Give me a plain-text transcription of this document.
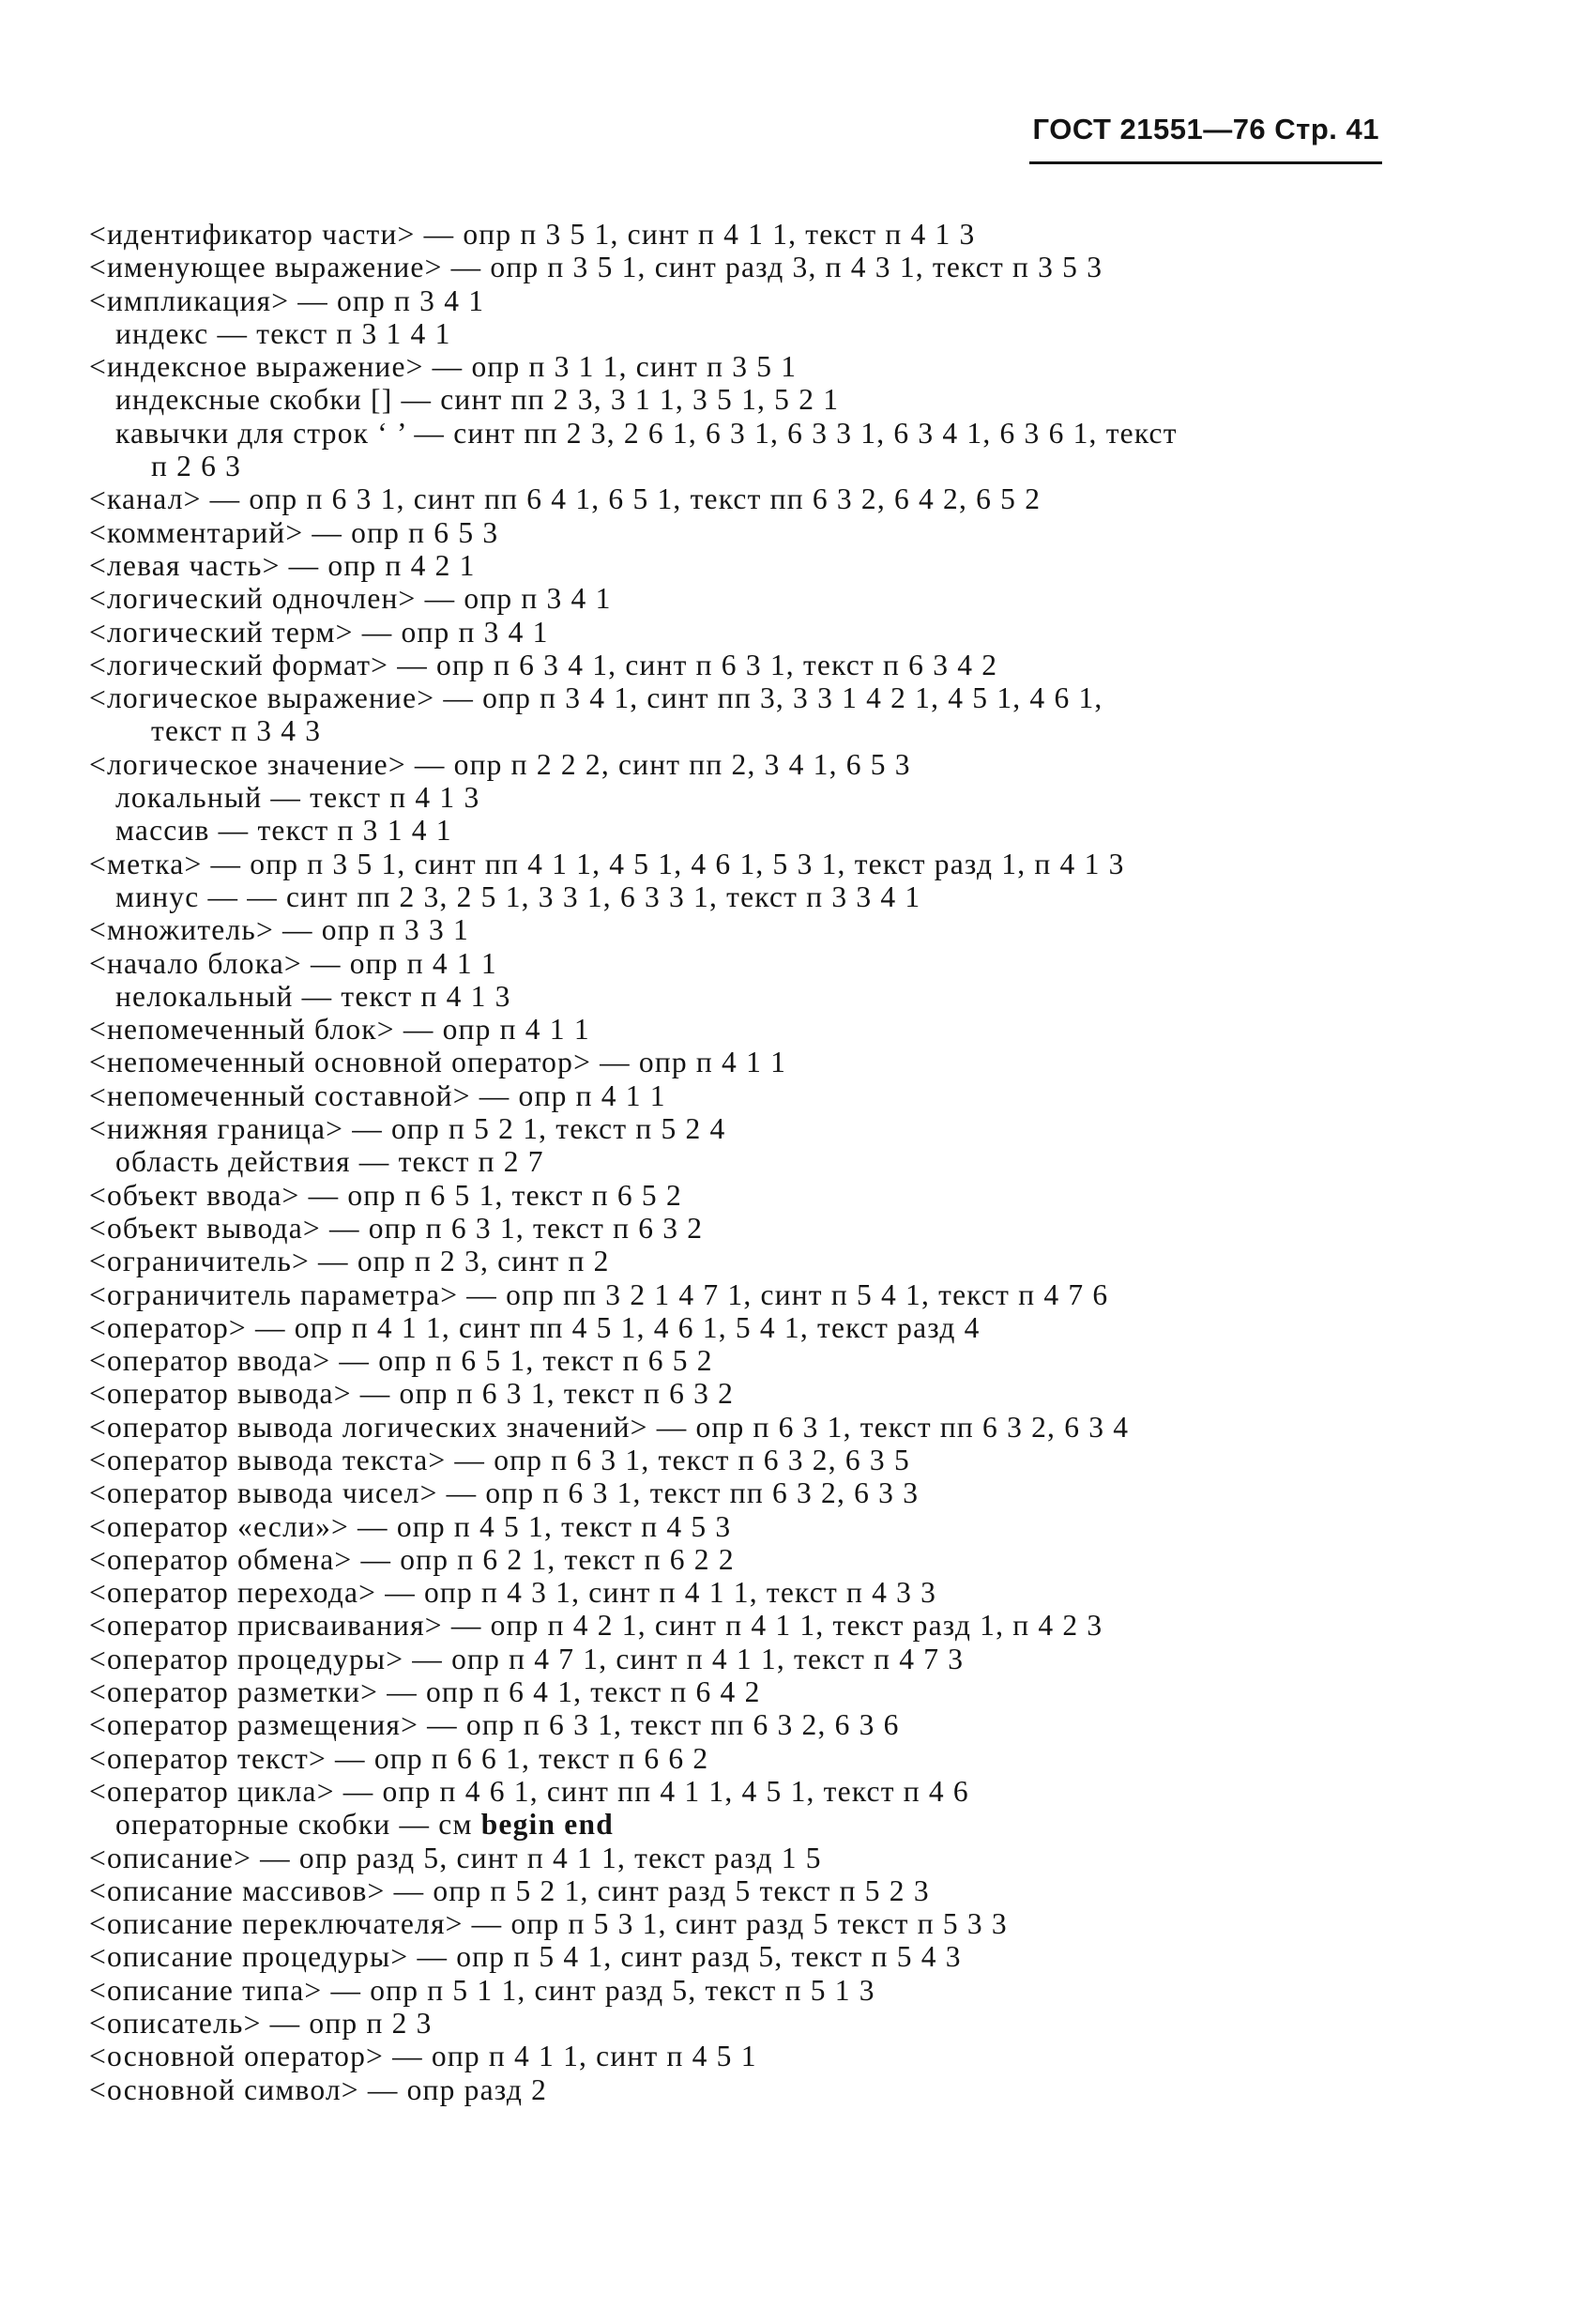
ГОСТ 21551—76 Стр. 41
<идентификатор части> — опр п 3 5 1, синт п 4 1 1, текст п 4 1 3
<именующее выражение> — опр п 3 5 1, синт разд 3, п 4 3 1, текст п 3 5 3
<импликация> — опр п 3 4 1
индекс — текст п 3 1 4 1
<индексное выражение> — опр п 3 1 1, синт п 3 5 1
индексные скобки [] — синт пп 2 3, 3 1 1, 3 5 1, 5 2 1
кавычки для строк ‘ ’ — синт пп 2 3, 2 6 1, 6 3 1, 6 3 3 1, 6 3 4 1, 6 3 6 1, текст
п 2 6 3
<канал> — опр п 6 3 1, синт пп 6 4 1, 6 5 1, текст пп 6 3 2, 6 4 2, 6 5 2
<комментарий> — опр п 6 5 3
<левая часть> — опр п 4 2 1
<логический одночлен> — опр п 3 4 1
<логический терм> — опр п 3 4 1
<логический формат> — опр п 6 3 4 1, синт п 6 3 1, текст п 6 3 4 2
<логическое выражение> — опр п 3 4 1, синт пп 3, 3 3 1 4 2 1, 4 5 1, 4 6 1,
текст п 3 4 3
<логическое значение> — опр п 2 2 2, синт пп 2, 3 4 1, 6 5 3
локальный — текст п 4 1 3
массив — текст п 3 1 4 1
<метка> — опр п 3 5 1, синт пп 4 1 1, 4 5 1, 4 6 1, 5 3 1, текст разд 1, п 4 1 3
минус — — синт пп 2 3, 2 5 1, 3 3 1, 6 3 3 1, текст п 3 3 4 1
<множитель> — опр п 3 3 1
<начало блока> — опр п 4 1 1
нелокальный — текст п 4 1 3
<непомеченный блок> — опр п 4 1 1
<непомеченный основной оператор> — опр п 4 1 1
<непомеченный составной> — опр п 4 1 1
<нижняя граница> — опр п 5 2 1, текст п 5 2 4
область действия — текст п 2 7
<объект ввода> — опр п 6 5 1, текст п 6 5 2
<объект вывода> — опр п 6 3 1, текст п 6 3 2
<ограничитель> — опр п 2 3, синт п 2
<ограничитель параметра> — опр пп 3 2 1 4 7 1, синт п 5 4 1, текст п 4 7 6
<оператор> — опр п 4 1 1, синт пп 4 5 1, 4 6 1, 5 4 1, текст разд 4
<оператор ввода> — опр п 6 5 1, текст п 6 5 2
<оператор вывода> — опр п 6 3 1, текст п 6 3 2
<оператор вывода логических значений> — опр п 6 3 1, текст пп 6 3 2, 6 3 4
<оператор вывода текста> — опр п 6 3 1, текст п 6 3 2, 6 3 5
<оператор вывода чисел> — опр п 6 3 1, текст пп 6 3 2, 6 3 3
<оператор «если»> — опр п 4 5 1, текст п 4 5 3
<оператор обмена> — опр п 6 2 1, текст п 6 2 2
<оператор перехода> — опр п 4 3 1, синт п 4 1 1, текст п 4 3 3
<оператор присваивания> — опр п 4 2 1, синт п 4 1 1, текст разд 1, п 4 2 3
<оператор процедуры> — опр п 4 7 1, синт п 4 1 1, текст п 4 7 3
<оператор разметки> — опр п 6 4 1, текст п 6 4 2
<оператор размещения> — опр п 6 3 1, текст пп 6 3 2, 6 3 6
<оператор текст> — опр п 6 6 1, текст п 6 6 2
<оператор цикла> — опр п 4 6 1, синт пп 4 1 1, 4 5 1, текст п 4 6
операторные скобки — см begin end
<описание> — опр разд 5, синт п 4 1 1, текст разд 1 5
<описание массивов> — опр п 5 2 1, синт разд 5 текст п 5 2 3
<описание переключателя> — опр п 5 3 1, синт разд 5 текст п 5 3 3
<описание процедуры> — опр п 5 4 1, синт разд 5, текст п 5 4 3
<описание типа> — опр п 5 1 1, синт разд 5, текст п 5 1 3
<описатель> — опр п 2 3
<основной оператор> — опр п 4 1 1, синт п 4 5 1
<основной символ> — опр разд 2
